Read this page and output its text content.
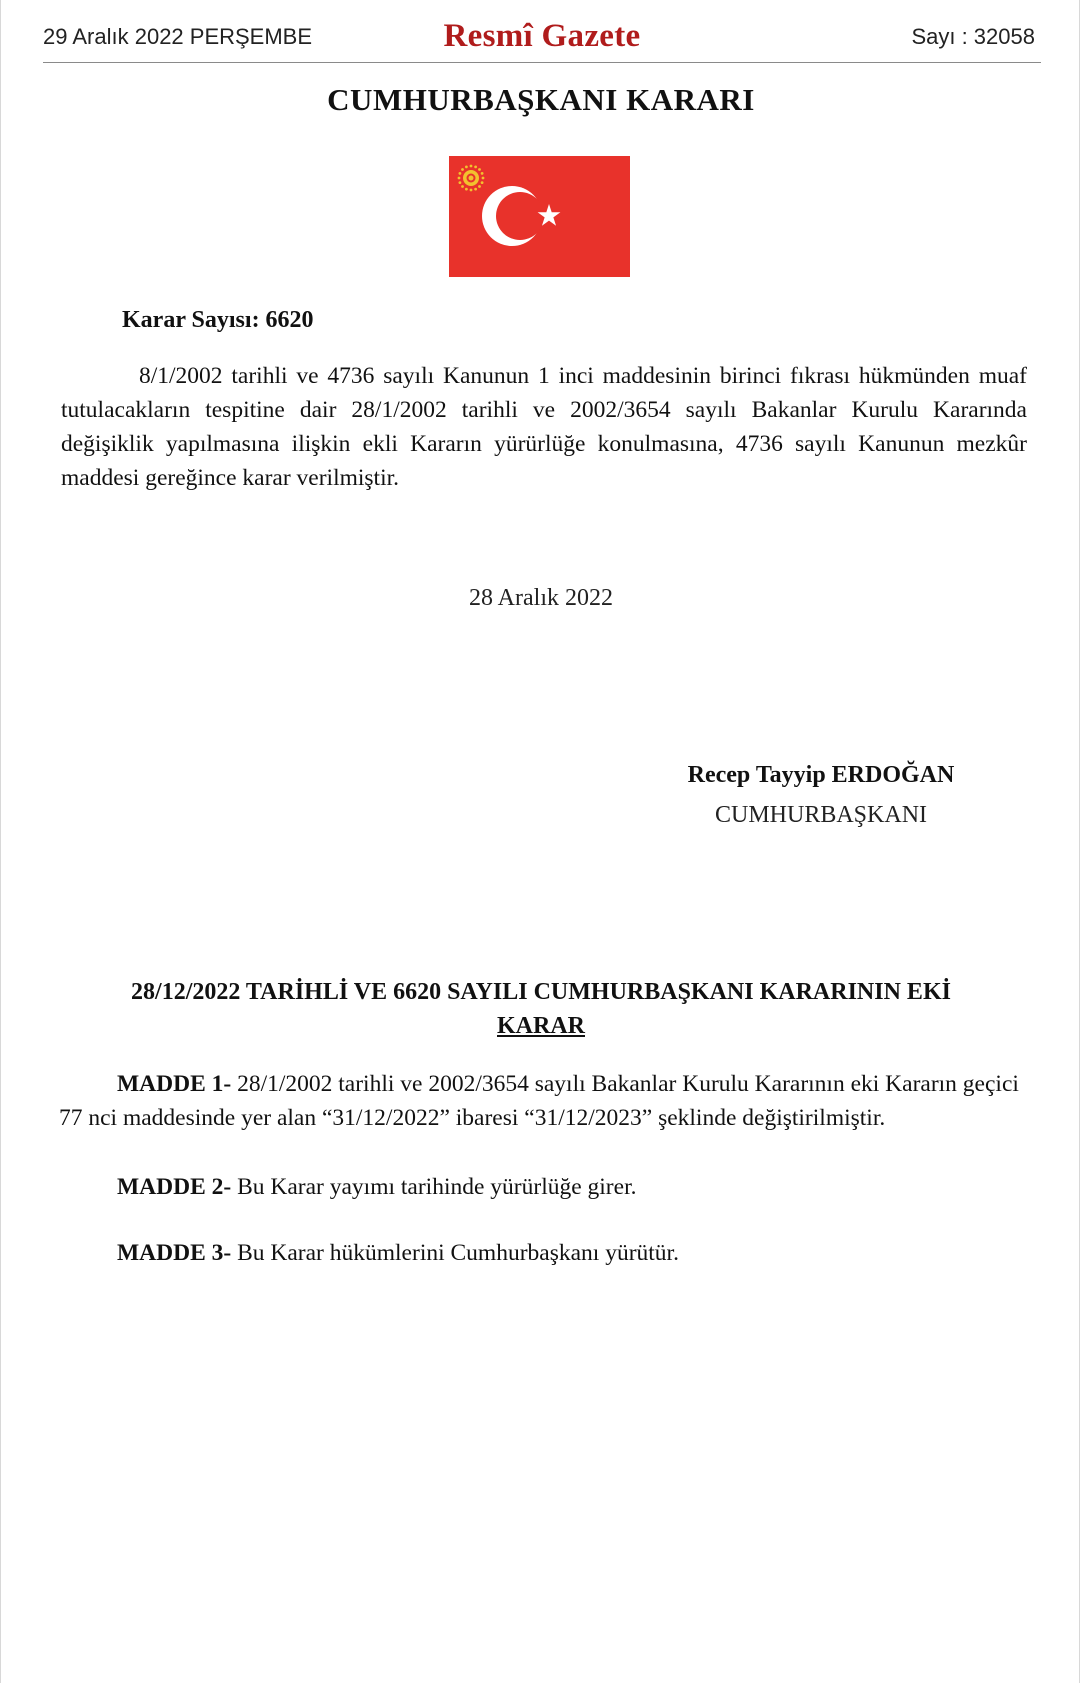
29 Aralık 2022 PERŞEMBE	Resmî Gazete	Sayı : 32058
CUMHURBAŞKANI KARARI
Karar Sayısı: 6620

8/1/2002 tarihli ve 4736 sayılı Kanunun 1 inci maddesinin birinci fıkrası hükmünden muaf tutulacakların tespitine dair 28/1/2002 tarihli ve 2002/3654 sayılı Bakanlar Kurulu Kararında değişiklik yapılmasına ilişkin ekli Kararın yürürlüğe konulmasına, 4736 sayılı Kanunun mezkûr maddesi gereğince karar verilmiştir.

28 Aralık 2022
Recep Tayyip ERDOĞAN
CUMHURBAŞKANI
28/12/2022 TARİHLİ VE 6620 SAYILI CUMHURBAŞKANI KARARININ EKİ
KARAR

MADDE 1- 28/1/2002 tarihli ve 2002/3654 sayılı Bakanlar Kurulu Kararının eki Kararın geçici 77 nci maddesinde yer alan “31/12/2022” ibaresi “31/12/2023” şeklinde değiştirilmiştir.

MADDE 2- Bu Karar yayımı tarihinde yürürlüğe girer.

MADDE 3- Bu Karar hükümlerini Cumhurbaşkanı yürütür.
